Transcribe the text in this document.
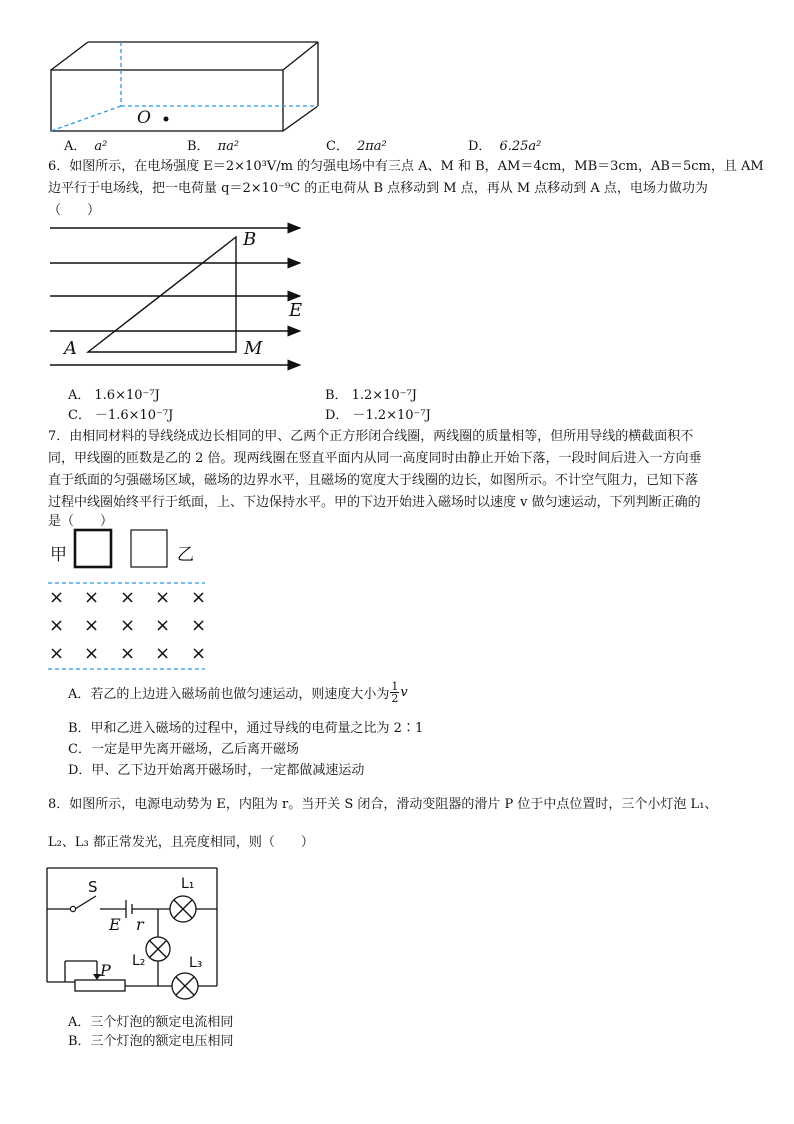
O
A． a²	B． πa²	C． 2πa²	D． 6.25a²
6．如图所示，在电场强度 E＝2×10³V/m 的匀强电场中有三点 A、M 和 B，AM＝4cm，MB＝3cm，AB＝5cm，且 AM
边平行于电场线，把一电荷量 q＝2×10⁻⁹C 的正电荷从 B 点移动到 M 点，再从 M 点移动到 A 点，电场力做功为
（　　）
B
E
A	M
A． 1.6×10⁻⁷J	B． 1.2×10⁻⁷J
C． －1.6×10⁻⁷J	D． －1.2×10⁻⁷J
7．由相同材料的导线绕成边长相同的甲、乙两个正方形闭合线圈，两线圈的质量相等，但所用导线的横截面积不
同，甲线圈的匝数是乙的 2 倍。现两线圈在竖直平面内从同一高度同时由静止开始下落，一段时间后进入一方向垂
直于纸面的匀强磁场区域，磁场的边界水平，且磁场的宽度大于线圈的边长，如图所示。不计空气阻力，已知下落
过程中线圈始终平行于纸面，上、下边保持水平。甲的下边开始进入磁场时以速度 v 做匀速运动，下列判断正确的
是（　　）
甲	乙
× × × × ×
× × × × ×
× × × × ×
A．若乙的上边进入磁场前也做匀速运动，则速度大小为 $\frac{1}{2}$ v
B．甲和乙进入磁场的过程中，通过导线的电荷量之比为 2∶1
C．一定是甲先离开磁场，乙后离开磁场
D．甲、乙下边开始离开磁场时，一定都做减速运动
8．如图所示，电源电动势为 E，内阻为 r。当开关 S 闭合，滑动变阻器的滑片 P 位于中点位置时，三个小灯泡 L₁、
L₂、L₃ 都正常发光，且亮度相同，则（　　）
S
E r
L₁
L₂	L₃
P
A．三个灯泡的额定电流相同
B．三个灯泡的额定电压相同
